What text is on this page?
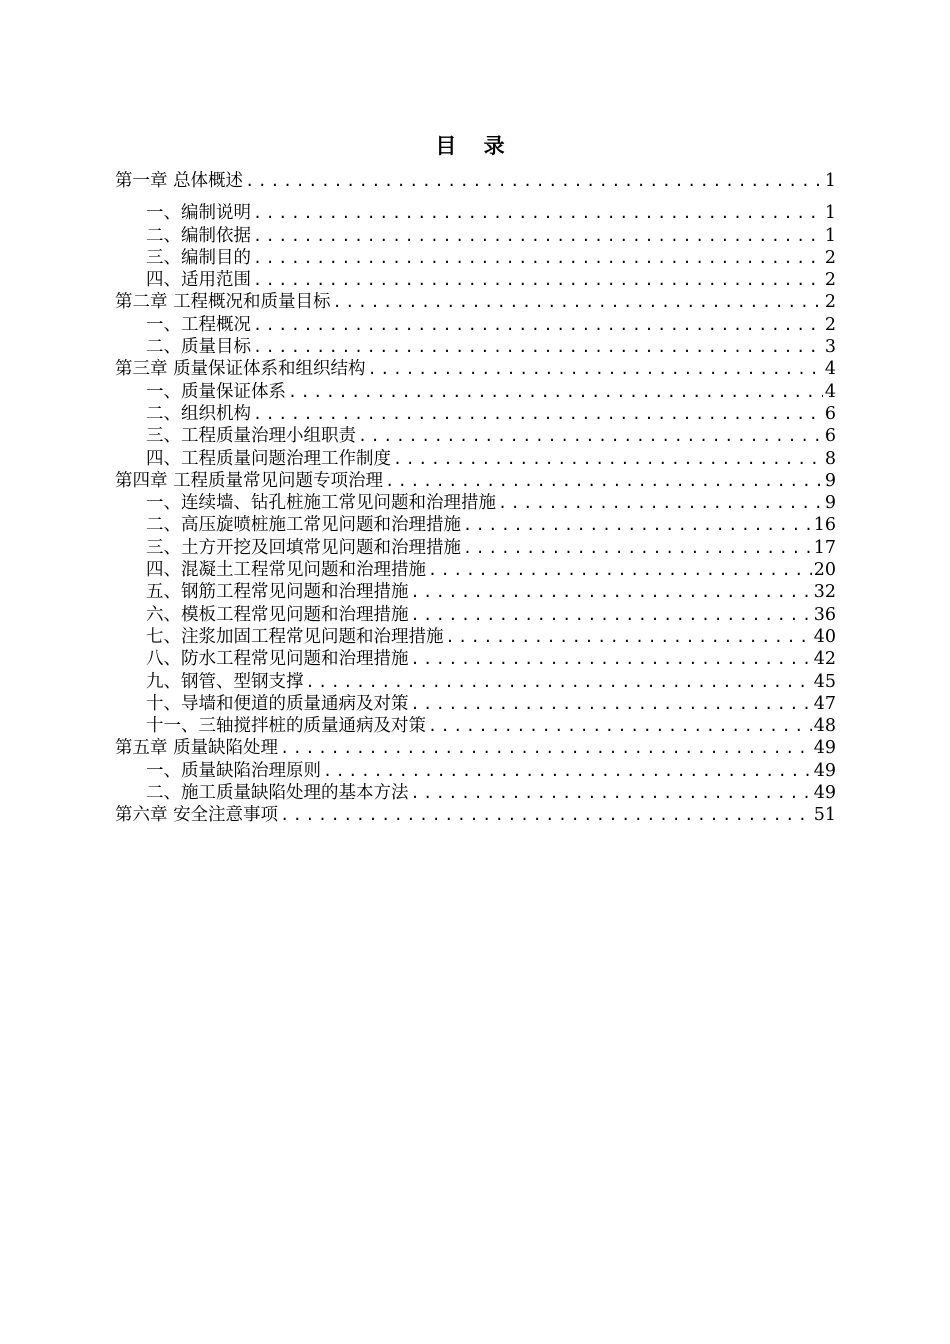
目 录
第一章 总体概述 .....	1
一、编制说明 .....	1
二、编制依据 .....	1
三、编制目的 .....	2
四、适用范围 .....	2
第二章 工程概况和质量目标 .....	2
一、工程概况 .....	2
二、质量目标 .....	3
第三章 质量保证体系和组织结构 .....	4
一、质量保证体系 .....	4
二、组织机构 .....	6
三、工程质量治理小组职责 .....	6
四、工程质量问题治理工作制度 .....	8
第四章 工程质量常见问题专项治理 .....	9
一、连续墙、钻孔桩施工常见问题和治理措施 .....	9
二、高压旋喷桩施工常见问题和治理措施 .....	16
三、土方开挖及回填常见问题和治理措施 .....	17
四、混凝土工程常见问题和治理措施 .....	20
五、钢筋工程常见问题和治理措施 .....	32
六、模板工程常见问题和治理措施 .....	36
七、注浆加固工程常见问题和治理措施 .....	40
八、防水工程常见问题和治理措施 .....	42
九、钢管、型钢支撑 .....	45
十、导墙和便道的质量通病及对策 .....	47
十一、三轴搅拌桩的质量通病及对策 .....	48
第五章 质量缺陷处理 .....	49
一、质量缺陷治理原则 .....	49
二、施工质量缺陷处理的基本方法 .....	49
第六章 安全注意事项 .....	51
